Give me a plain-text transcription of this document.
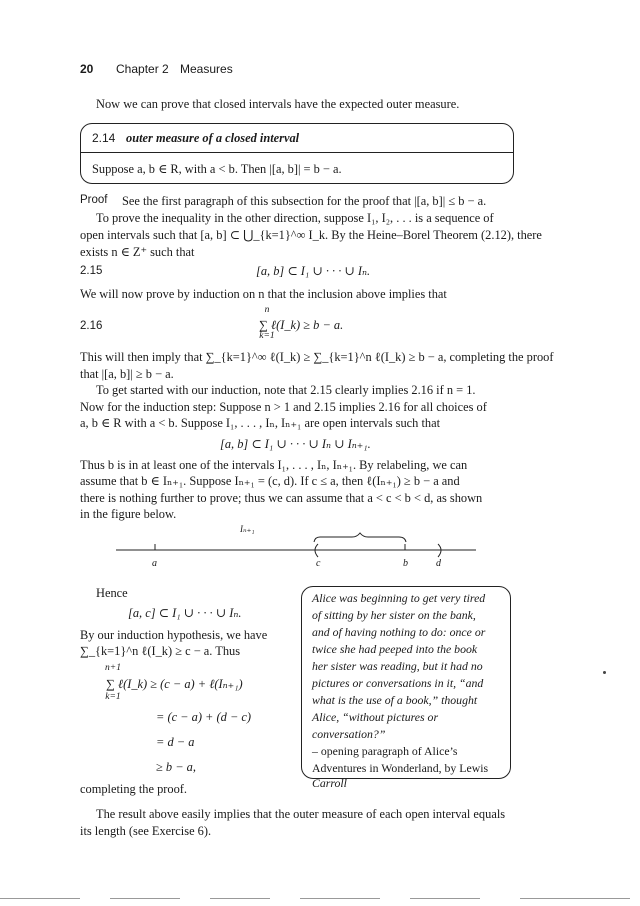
20 Chapter 2 Measures
Now we can prove that closed intervals have the expected outer measure.
2.14 outer measure of a closed interval
Suppose a, b ∈ R, with a < b. Then |[a, b]| = b − a.
Proof See the first paragraph of this subsection for the proof that |[a, b]| ≤ b − a.
To prove the inequality in the other direction, suppose I₁, I₂, . . . is a sequence of
open intervals such that [a, b] ⊂ ⋃_{k=1}^∞ I_k. By the Heine–Borel Theorem (2.12), there
exists n ∈ Z⁺ such that
2.15	[a, b] ⊂ I₁ ∪ · · · ∪ Iₙ.
We will now prove by induction on n that the inclusion above implies that
n
2.16	∑ ℓ(I_k) ≥ b − a.
k=1
This will then imply that ∑_{k=1}^∞ ℓ(I_k) ≥ ∑_{k=1}^n ℓ(I_k) ≥ b − a, completing the proof
that |[a, b]| ≥ b − a.
To get started with our induction, note that 2.15 clearly implies 2.16 if n = 1.
Now for the induction step: Suppose n > 1 and 2.15 implies 2.16 for all choices of
a, b ∈ R with a < b. Suppose I₁, . . . , Iₙ, Iₙ₊₁ are open intervals such that
[a, b] ⊂ I₁ ∪ · · · ∪ Iₙ ∪ Iₙ₊₁.
Thus b is in at least one of the intervals I₁, . . . , Iₙ, Iₙ₊₁. By relabeling, we can
assume that b ∈ Iₙ₊₁. Suppose Iₙ₊₁ = (c, d). If c ≤ a, then ℓ(Iₙ₊₁) ≥ b − a and
there is nothing further to prove; thus we can assume that a < c < b < d, as shown
in the figure below.
Iₙ₊₁
a	c	b	d
Hence
[a, c] ⊂ I₁ ∪ · · · ∪ Iₙ.
By our induction hypothesis, we have
∑_{k=1}^n ℓ(I_k) ≥ c − a. Thus
n+1
∑ ℓ(I_k) ≥ (c − a) + ℓ(Iₙ₊₁)
k=1
= (c − a) + (d − c)
= d − a
≥ b − a,
completing the proof.
Alice was beginning to get very tired
of sitting by her sister on the bank,
and of having nothing to do: once or
twice she had peeped into the book
her sister was reading, but it had no
pictures or conversations in it, “and
what is the use of a book,” thought
Alice, “without pictures or
conversation?”
– opening paragraph of Alice’s
Adventures in Wonderland, by Lewis
Carroll
The result above easily implies that the outer measure of each open interval equals
its length (see Exercise 6).
